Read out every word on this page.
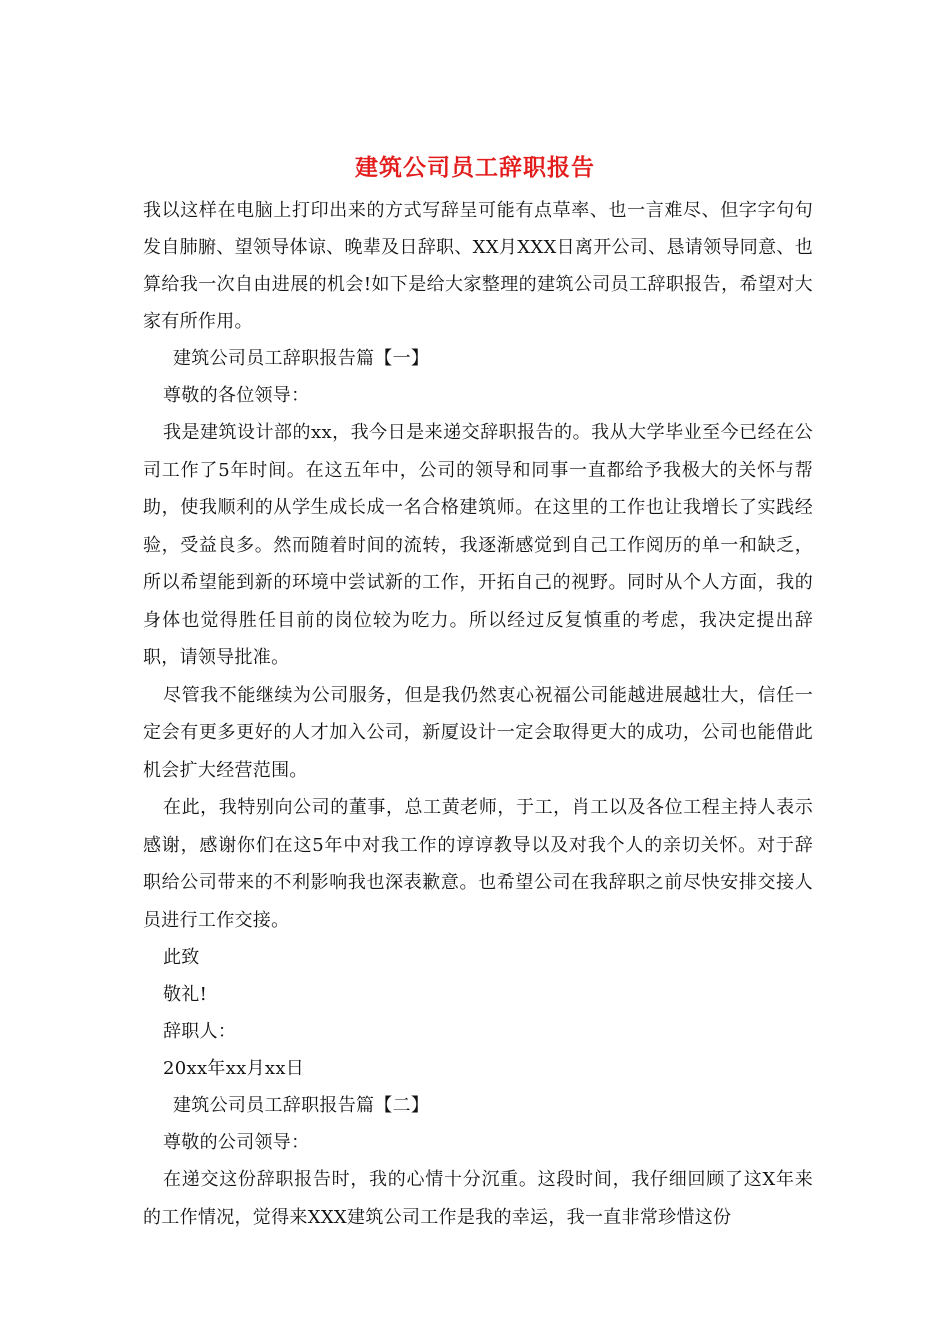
建筑公司员工辞职报告

我以这样在电脑上打印出来的方式写辞呈可能有点草率、也一言难尽、但字字句句发自肺腑、望领导体谅、晚辈及日辞职、XX月XXX日离开公司、恳请领导同意、也算给我一次自由进展的机会!如下是给大家整理的建筑公司员工辞职报告，希望对大家有所作用。

建筑公司员工辞职报告篇【一】

尊敬的各位领导：

我是建筑设计部的xx，我今日是来递交辞职报告的。我从大学毕业至今已经在公司工作了5年时间。在这五年中，公司的领导和同事一直都给予我极大的关怀与帮助，使我顺利的从学生成长成一名合格建筑师。在这里的工作也让我增长了实践经验，受益良多。然而随着时间的流转，我逐渐感觉到自己工作阅历的单一和缺乏，所以希望能到新的环境中尝试新的工作，开拓自己的视野。同时从个人方面，我的身体也觉得胜任目前的岗位较为吃力。所以经过反复慎重的考虑，我决定提出辞职，请领导批准。

尽管我不能继续为公司服务，但是我仍然衷心祝福公司能越进展越壮大，信任一定会有更多更好的人才加入公司，新厦设计一定会取得更大的成功，公司也能借此机会扩大经营范围。

在此，我特别向公司的董事，总工黄老师，于工，肖工以及各位工程主持人表示感谢，感谢你们在这5年中对我工作的谆谆教导以及对我个人的亲切关怀。对于辞职给公司带来的不利影响我也深表歉意。也希望公司在我辞职之前尽快安排交接人员进行工作交接。

此致

敬礼!

辞职人：

20xx年xx月xx日

建筑公司员工辞职报告篇【二】

尊敬的公司领导：

在递交这份辞职报告时，我的心情十分沉重。这段时间，我仔细回顾了这X年来的工作情况，觉得来XXX建筑公司工作是我的幸运，我一直非常珍惜这份
